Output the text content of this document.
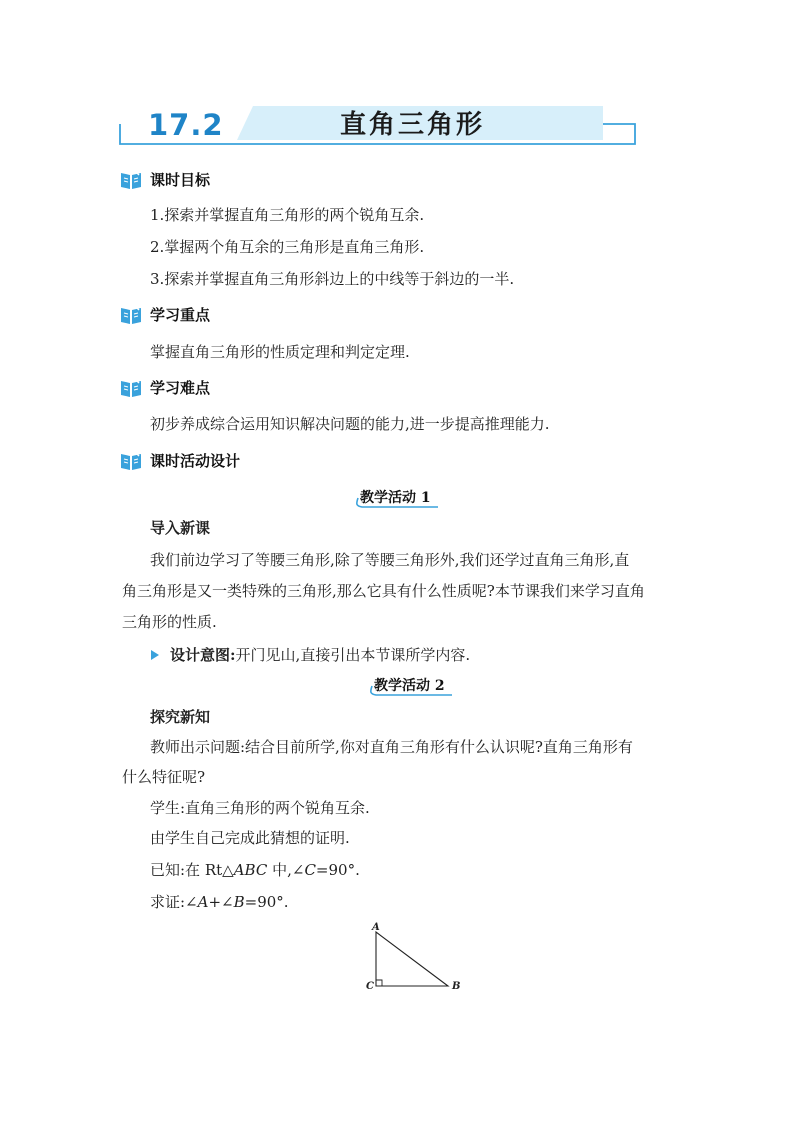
17.2	直角三角形
课时目标
1.探索并掌握直角三角形的两个锐角互余.
2.掌握两个角互余的三角形是直角三角形.
3.探索并掌握直角三角形斜边上的中线等于斜边的一半.
学习重点
掌握直角三角形的性质定理和判定定理.
学习难点
初步养成综合运用知识解决问题的能力,进一步提高推理能力.
课时活动设计
教学活动 1
导入新课
我们前边学习了等腰三角形,除了等腰三角形外,我们还学过直角三角形,直
角三角形是又一类特殊的三角形,那么它具有什么性质呢?本节课我们来学习直角
三角形的性质.
设计意图:开门见山,直接引出本节课所学内容.
教学活动 2
探究新知
教师出示问题:结合目前所学,你对直角三角形有什么认识呢?直角三角形有
什么特征呢?
学生:直角三角形的两个锐角互余.
由学生自己完成此猜想的证明.
已知:在 Rt△ABC 中,∠C=90°.
求证:∠A+∠B=90°.
A
C	B
